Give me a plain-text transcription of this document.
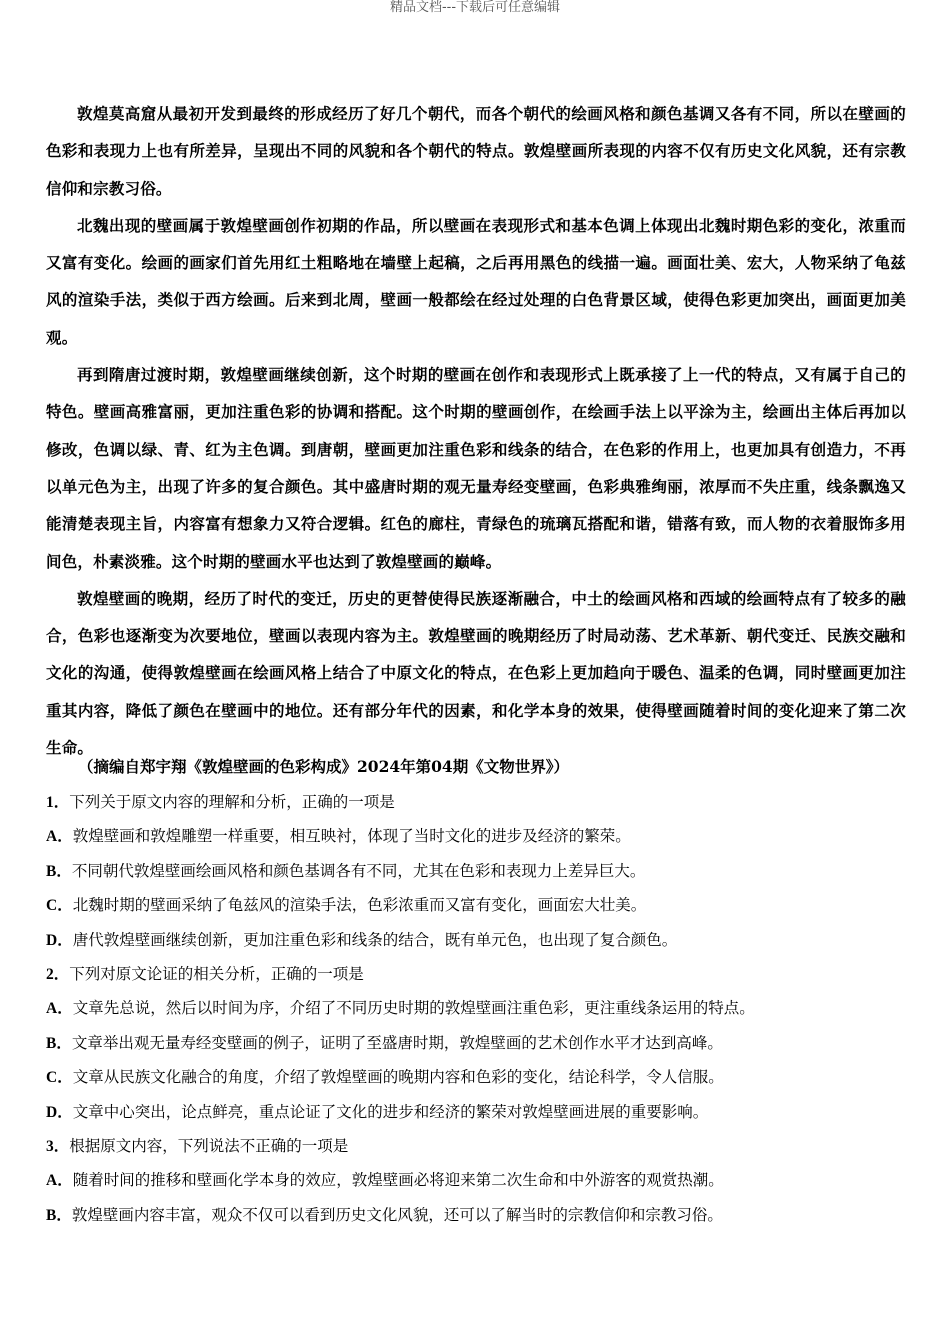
精品文档---下载后可任意编辑

敦煌莫高窟从最初开发到最终的形成经历了好几个朝代，而各个朝代的绘画风格和颜色基调又各有不同，所以在壁画的色彩和表现力上也有所差异，呈现出不同的风貌和各个朝代的特点。敦煌壁画所表现的内容不仅有历史文化风貌，还有宗教信仰和宗教习俗。

北魏出现的壁画属于敦煌壁画创作初期的作品，所以壁画在表现形式和基本色调上体现出北魏时期色彩的变化，浓重而又富有变化。绘画的画家们首先用红土粗略地在墙壁上起稿，之后再用黑色的线描一遍。画面壮美、宏大，人物采纳了龟兹风的渲染手法，类似于西方绘画。后来到北周，壁画一般都绘在经过处理的白色背景区域，使得色彩更加突出，画面更加美观。

再到隋唐过渡时期，敦煌壁画继续创新，这个时期的壁画在创作和表现形式上既承接了上一代的特点，又有属于自己的特色。壁画高雅富丽，更加注重色彩的协调和搭配。这个时期的壁画创作，在绘画手法上以平涂为主，绘画出主体后再加以修改，色调以绿、青、红为主色调。到唐朝，壁画更加注重色彩和线条的结合，在色彩的作用上，也更加具有创造力，不再以单元色为主，出现了许多的复合颜色。其中盛唐时期的观无量寿经变壁画，色彩典雅绚丽，浓厚而不失庄重，线条飘逸又能清楚表现主旨，内容富有想象力又符合逻辑。红色的廊柱，青绿色的琉璃瓦搭配和谐，错落有致，而人物的衣着服饰多用间色，朴素淡雅。这个时期的壁画水平也达到了敦煌壁画的巅峰。

敦煌壁画的晚期，经历了时代的变迁，历史的更替使得民族逐渐融合，中土的绘画风格和西域的绘画特点有了较多的融合，色彩也逐渐变为次要地位，壁画以表现内容为主。敦煌壁画的晚期经历了时局动荡、艺术革新、朝代变迁、民族交融和文化的沟通，使得敦煌壁画在绘画风格上结合了中原文化的特点，在色彩上更加趋向于暖色、温柔的色调，同时壁画更加注重其内容，降低了颜色在壁画中的地位。还有部分年代的因素，和化学本身的效果，使得壁画随着时间的变化迎来了第二次生命。

（摘编自郑宇翔《敦煌壁画的色彩构成》2024年第04期《文物世界》）
1．下列关于原文内容的理解和分析，正确的一项是
A．敦煌壁画和敦煌雕塑一样重要，相互映衬，体现了当时文化的进步及经济的繁荣。
B．不同朝代敦煌壁画绘画风格和颜色基调各有不同，尤其在色彩和表现力上差异巨大。
C．北魏时期的壁画采纳了龟兹风的渲染手法，色彩浓重而又富有变化，画面宏大壮美。
D．唐代敦煌壁画继续创新，更加注重色彩和线条的结合，既有单元色，也出现了复合颜色。
2．下列对原文论证的相关分析，正确的一项是
A．文章先总说，然后以时间为序，介绍了不同历史时期的敦煌壁画注重色彩，更注重线条运用的特点。
B．文章举出观无量寿经变壁画的例子，证明了至盛唐时期，敦煌壁画的艺术创作水平才达到高峰。
C．文章从民族文化融合的角度，介绍了敦煌壁画的晚期内容和色彩的变化，结论科学，令人信服。
D．文章中心突出，论点鲜亮，重点论证了文化的进步和经济的繁荣对敦煌壁画进展的重要影响。
3．根据原文内容，下列说法不正确的一项是
A．随着时间的推移和壁画化学本身的效应，敦煌壁画必将迎来第二次生命和中外游客的观赏热潮。
B．敦煌壁画内容丰富，观众不仅可以看到历史文化风貌，还可以了解当时的宗教信仰和宗教习俗。
